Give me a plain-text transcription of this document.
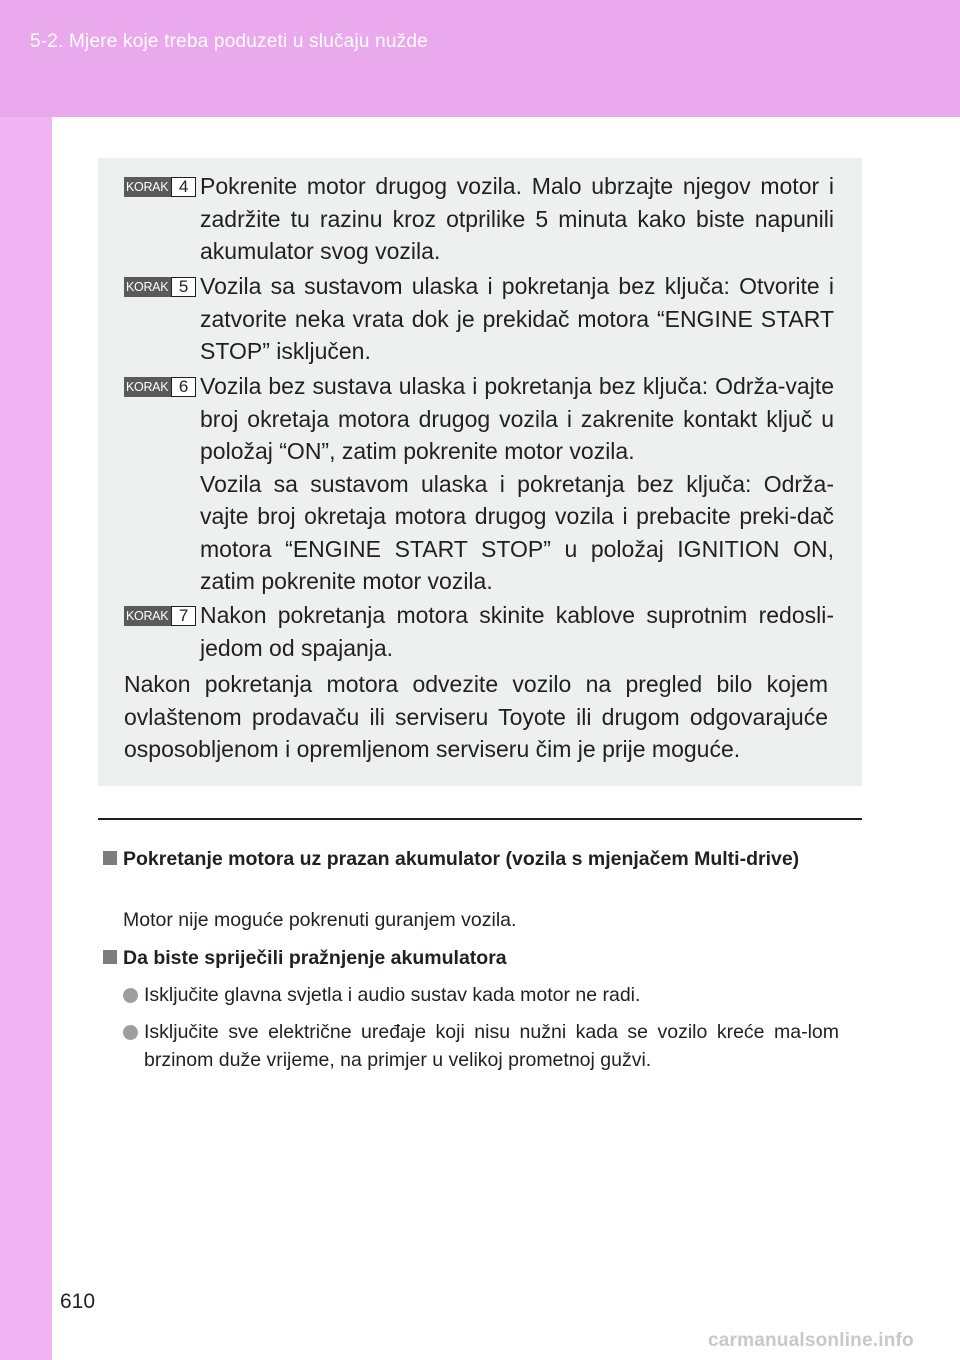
5-2. Mjere koje treba poduzeti u slučaju nužde
KORAK 4 Pokrenite motor drugog vozila. Malo ubrzajte njegov motor i zadržite tu razinu kroz otprilike 5 minuta kako biste napunili akumulator svog vozila.
KORAK 5 Vozila sa sustavom ulaska i pokretanja bez ključa: Otvorite i zatvorite neka vrata dok je prekidač motora “ENGINE START STOP” isključen.
KORAK 6 Vozila bez sustava ulaska i pokretanja bez ključa: Održa-vajte broj okretaja motora drugog vozila i zakrenite kontakt ključ u položaj “ON”, zatim pokrenite motor vozila.
Vozila sa sustavom ulaska i pokretanja bez ključa: Održa-vajte broj okretaja motora drugog vozila i prebacite preki-dač motora “ENGINE START STOP” u položaj IGNITION ON, zatim pokrenite motor vozila.
KORAK 7 Nakon pokretanja motora skinite kablove suprotnim redosli-jedom od spajanja.
Nakon pokretanja motora odvezite vozilo na pregled bilo kojem ovlaštenom prodavaču ili serviseru Toyote ili drugom odgovarajuće osposobljenom i opremljenom serviseru čim je prije moguće.
Pokretanje motora uz prazan akumulator (vozila s mjenjačem Multi-drive)
Motor nije moguće pokrenuti guranjem vozila.
Da biste spriječili pražnjenje akumulatora
Isključite glavna svjetla i audio sustav kada motor ne radi.
Isključite sve električne uređaje koji nisu nužni kada se vozilo kreće ma-lom brzinom duže vrijeme, na primjer u velikoj prometnoj gužvi.
610
carmanualsonline.info
